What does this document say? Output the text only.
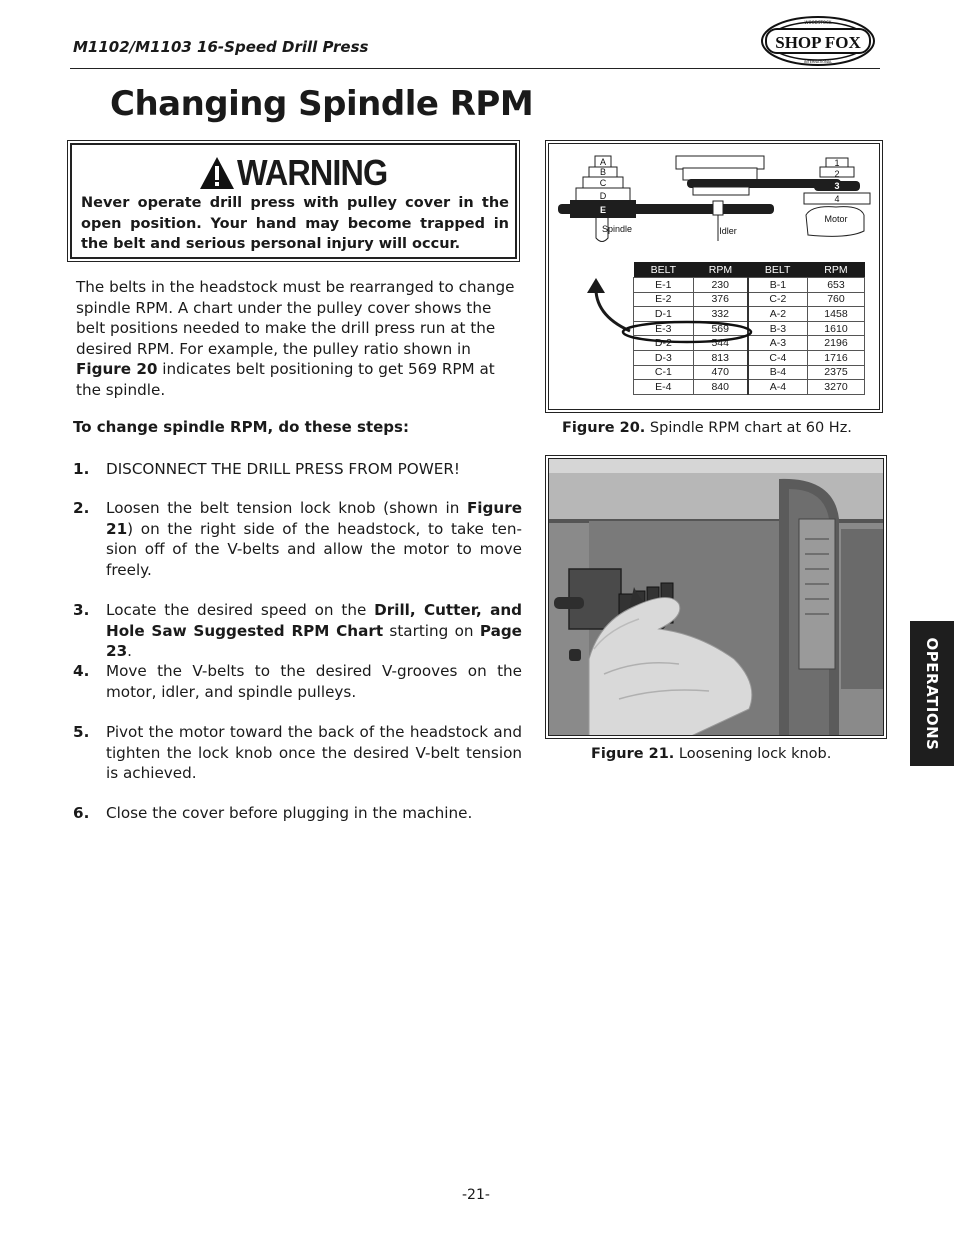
M1102/M1103 16-Speed Drill Press	SHOP FOX
WOODSTOCK
INTERNATIONAL
Changing Spindle RPM
WARNING
Never operate drill press with pulley cover in the open position. Your hand may become trapped in the belt and serious personal injury will occur.
The belts in the headstock must be rearranged to change spindle RPM. A chart under the pulley cover shows the belt positions needed to make the drill press run at the desired RPM. For example, the pulley ratio shown in Figure 20 indicates belt positioning to get 569 RPM at the spindle.
To change spindle RPM, do these steps:
1. DISCONNECT THE DRILL PRESS FROM POWER!
2. Loosen the belt tension lock knob (shown in Figure 21) on the right side of the headstock, to take ten-sion off of the V-belts and allow the motor to move freely.
3. Locate the desired speed on the Drill, Cutter, and Hole Saw Suggested RPM Chart starting on Page 23.
4. Move the V-belts to the desired V-grooves on the motor, idler, and spindle pulleys.
5. Pivot the motor toward the back of the headstock and tighten the lock knob once the desired V-belt tension is achieved.
6. Close the cover before plugging in the machine.
A
B
C
D
E
Spindle	Idler
1
2
3
4
Motor
BELT	RPM	BELT	RPM
E-1	230	B-1	653
E-2	376	C-2	760
D-1	332	A-2	1458
E-3	569	B-3	1610
D-2	544	A-3	2196
D-3	813	C-4	1716
C-1	470	B-4	2375
E-4	840	A-4	3270
Figure 20. Spindle RPM chart at 60 Hz.
Figure 21. Loosening lock knob.
OPERATIONS
-21-
